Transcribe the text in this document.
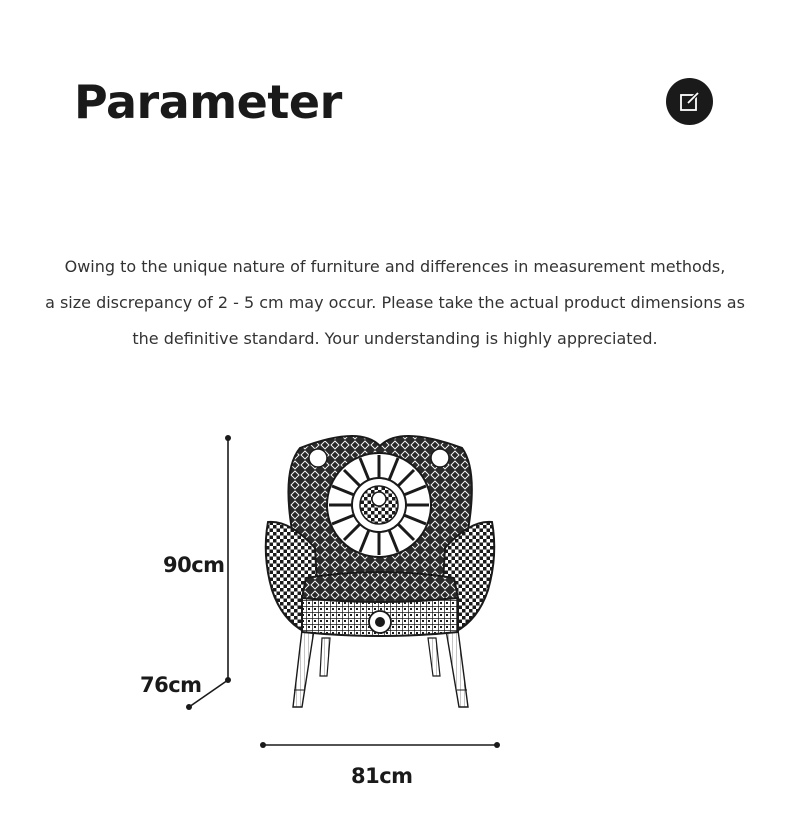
Parameter
Owing to the unique nature of furniture and differences in measurement methods,
a size discrepancy of 2 - 5 cm may occur. Please take the actual product dimensions as
the definitive standard. Your understanding is highly appreciated.
90cm
76cm
81cm
